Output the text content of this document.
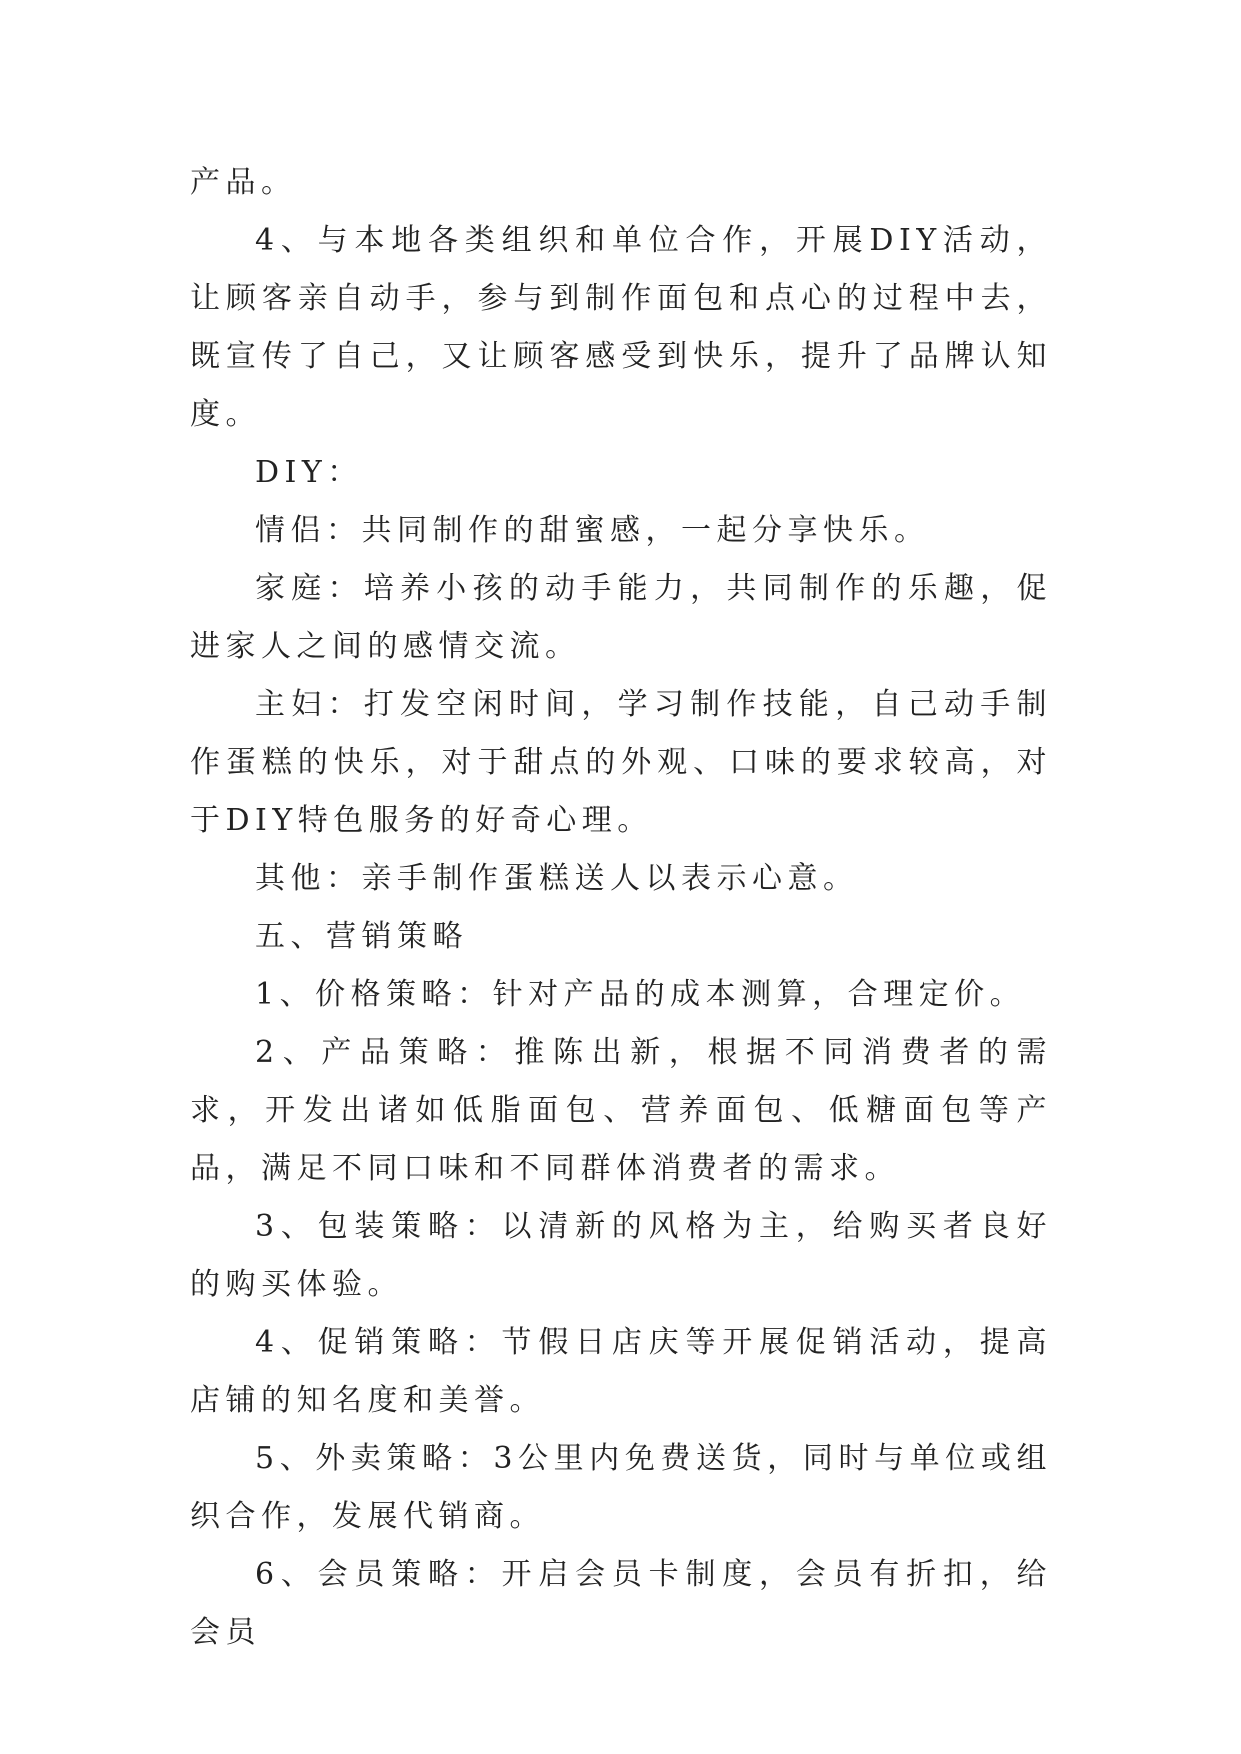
产品。

4、与本地各类组织和单位合作，开展DIY活动，让顾客亲自动手，参与到制作面包和点心的过程中去，既宣传了自己，又让顾客感受到快乐，提升了品牌认知度。

DIY：

情侣：共同制作的甜蜜感，一起分享快乐。

家庭：培养小孩的动手能力，共同制作的乐趣，促进家人之间的感情交流。

主妇：打发空闲时间，学习制作技能，自己动手制作蛋糕的快乐，对于甜点的外观、口味的要求较高，对于DIY特色服务的好奇心理。

其他：亲手制作蛋糕送人以表示心意。

五、营销策略

1、价格策略：针对产品的成本测算，合理定价。

2、产品策略：推陈出新，根据不同消费者的需求，开发出诸如低脂面包、营养面包、低糖面包等产品，满足不同口味和不同群体消费者的需求。

3、包装策略：以清新的风格为主，给购买者良好的购买体验。

4、促销策略：节假日店庆等开展促销活动，提高店铺的知名度和美誉。

5、外卖策略：3公里内免费送货，同时与单位或组织合作，发展代销商。

6、会员策略：开启会员卡制度，会员有折扣，给会员
